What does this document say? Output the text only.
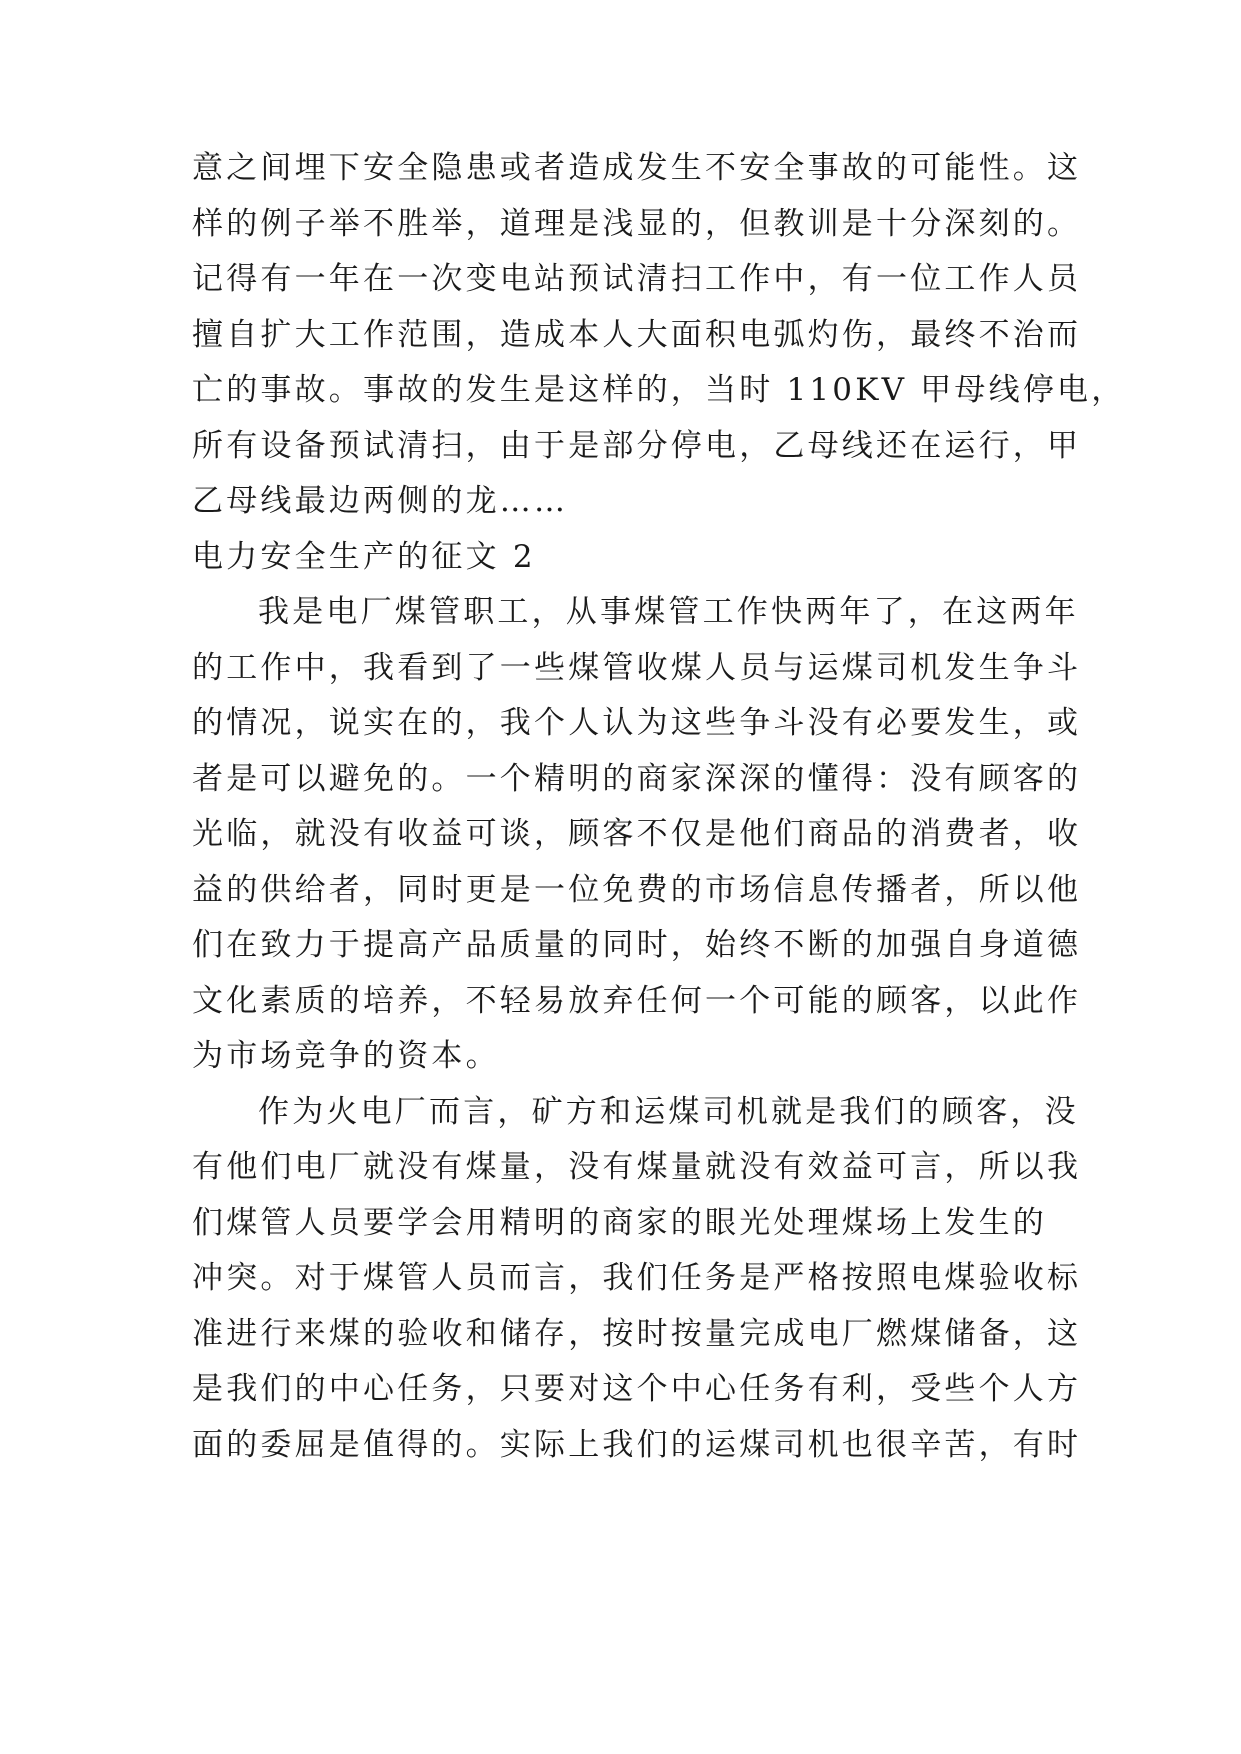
意之间埋下安全隐患或者造成发生不安全事故的可能性。这
样的例子举不胜举，道理是浅显的，但教训是十分深刻的。
记得有一年在一次变电站预试清扫工作中，有一位工作人员
擅自扩大工作范围，造成本人大面积电弧灼伤，最终不治而
亡的事故。事故的发生是这样的，当时 110KV 甲母线停电，
所有设备预试清扫，由于是部分停电，乙母线还在运行，甲
乙母线最边两侧的龙……
电力安全生产的征文 2
我是电厂煤管职工，从事煤管工作快两年了，在这两年
的工作中，我看到了一些煤管收煤人员与运煤司机发生争斗
的情况，说实在的，我个人认为这些争斗没有必要发生，或
者是可以避免的。一个精明的商家深深的懂得：没有顾客的
光临，就没有收益可谈，顾客不仅是他们商品的消费者，收
益的供给者，同时更是一位免费的市场信息传播者，所以他
们在致力于提高产品质量的同时，始终不断的加强自身道德
文化素质的培养，不轻易放弃任何一个可能的顾客，以此作
为市场竞争的资本。
作为火电厂而言，矿方和运煤司机就是我们的顾客，没
有他们电厂就没有煤量，没有煤量就没有效益可言，所以我
们煤管人员要学会用精明的商家的眼光处理煤场上发生的
冲突。对于煤管人员而言，我们任务是严格按照电煤验收标
准进行来煤的验收和储存，按时按量完成电厂燃煤储备，这
是我们的中心任务，只要对这个中心任务有利，受些个人方
面的委屈是值得的。实际上我们的运煤司机也很辛苦，有时
